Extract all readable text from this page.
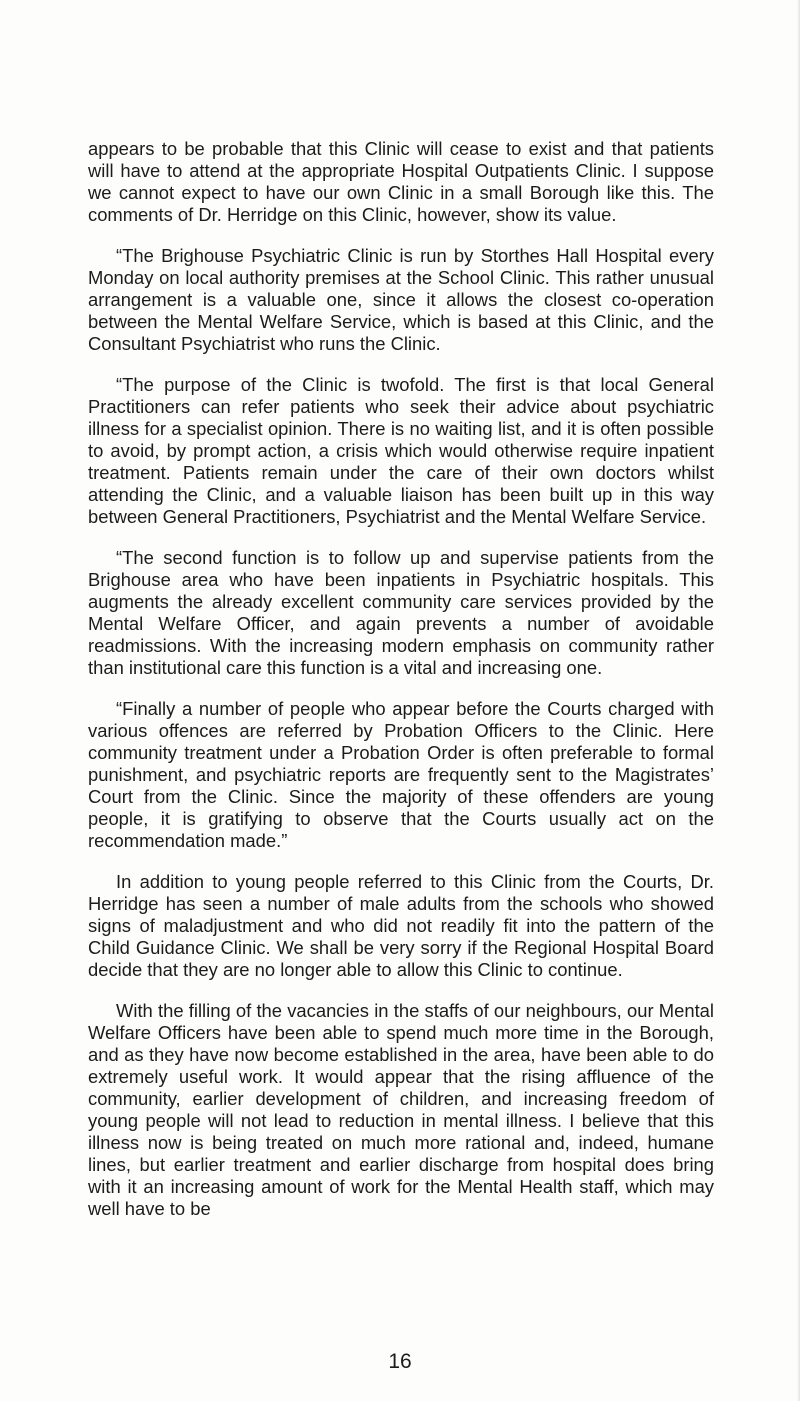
appears to be probable that this Clinic will cease to exist and that patients will have to attend at the appropriate Hospital Outpatients Clinic. I suppose we cannot expect to have our own Clinic in a small Borough like this. The comments of Dr. Herridge on this Clinic, however, show its value.

“The Brighouse Psychiatric Clinic is run by Storthes Hall Hospital every Monday on local authority premises at the School Clinic. This rather unusual arrangement is a valuable one, since it allows the closest co-operation between the Mental Welfare Service, which is based at this Clinic, and the Consultant Psychiatrist who runs the Clinic.

“The purpose of the Clinic is twofold. The first is that local General Practitioners can refer patients who seek their advice about psychiatric illness for a specialist opinion. There is no waiting list, and it is often possible to avoid, by prompt action, a crisis which would otherwise require inpatient treatment. Patients remain under the care of their own doctors whilst attending the Clinic, and a valuable liaison has been built up in this way between General Practitioners, Psychiatrist and the Mental Welfare Service.

“The second function is to follow up and supervise patients from the Brighouse area who have been inpatients in Psychiatric hospitals. This augments the already excellent community care services provided by the Mental Welfare Officer, and again prevents a number of avoidable readmissions. With the increasing modern emphasis on community rather than institutional care this function is a vital and increasing one.

“Finally a number of people who appear before the Courts charged with various offences are referred by Probation Officers to the Clinic. Here community treatment under a Probation Order is often preferable to formal punishment, and psychiatric reports are frequently sent to the Magistrates’ Court from the Clinic. Since the majority of these offenders are young people, it is gratifying to observe that the Courts usually act on the recommendation made.”

In addition to young people referred to this Clinic from the Courts, Dr. Herridge has seen a number of male adults from the schools who showed signs of maladjustment and who did not readily fit into the pattern of the Child Guidance Clinic. We shall be very sorry if the Regional Hospital Board decide that they are no longer able to allow this Clinic to continue.

With the filling of the vacancies in the staffs of our neighbours, our Mental Welfare Officers have been able to spend much more time in the Borough, and as they have now become established in the area, have been able to do extremely useful work. It would appear that the rising affluence of the community, earlier development of children, and increasing freedom of young people will not lead to reduction in mental illness. I believe that this illness now is being treated on much more rational and, indeed, humane lines, but earlier treatment and earlier discharge from hospital does bring with it an increasing amount of work for the Mental Health staff, which may well have to be

16
